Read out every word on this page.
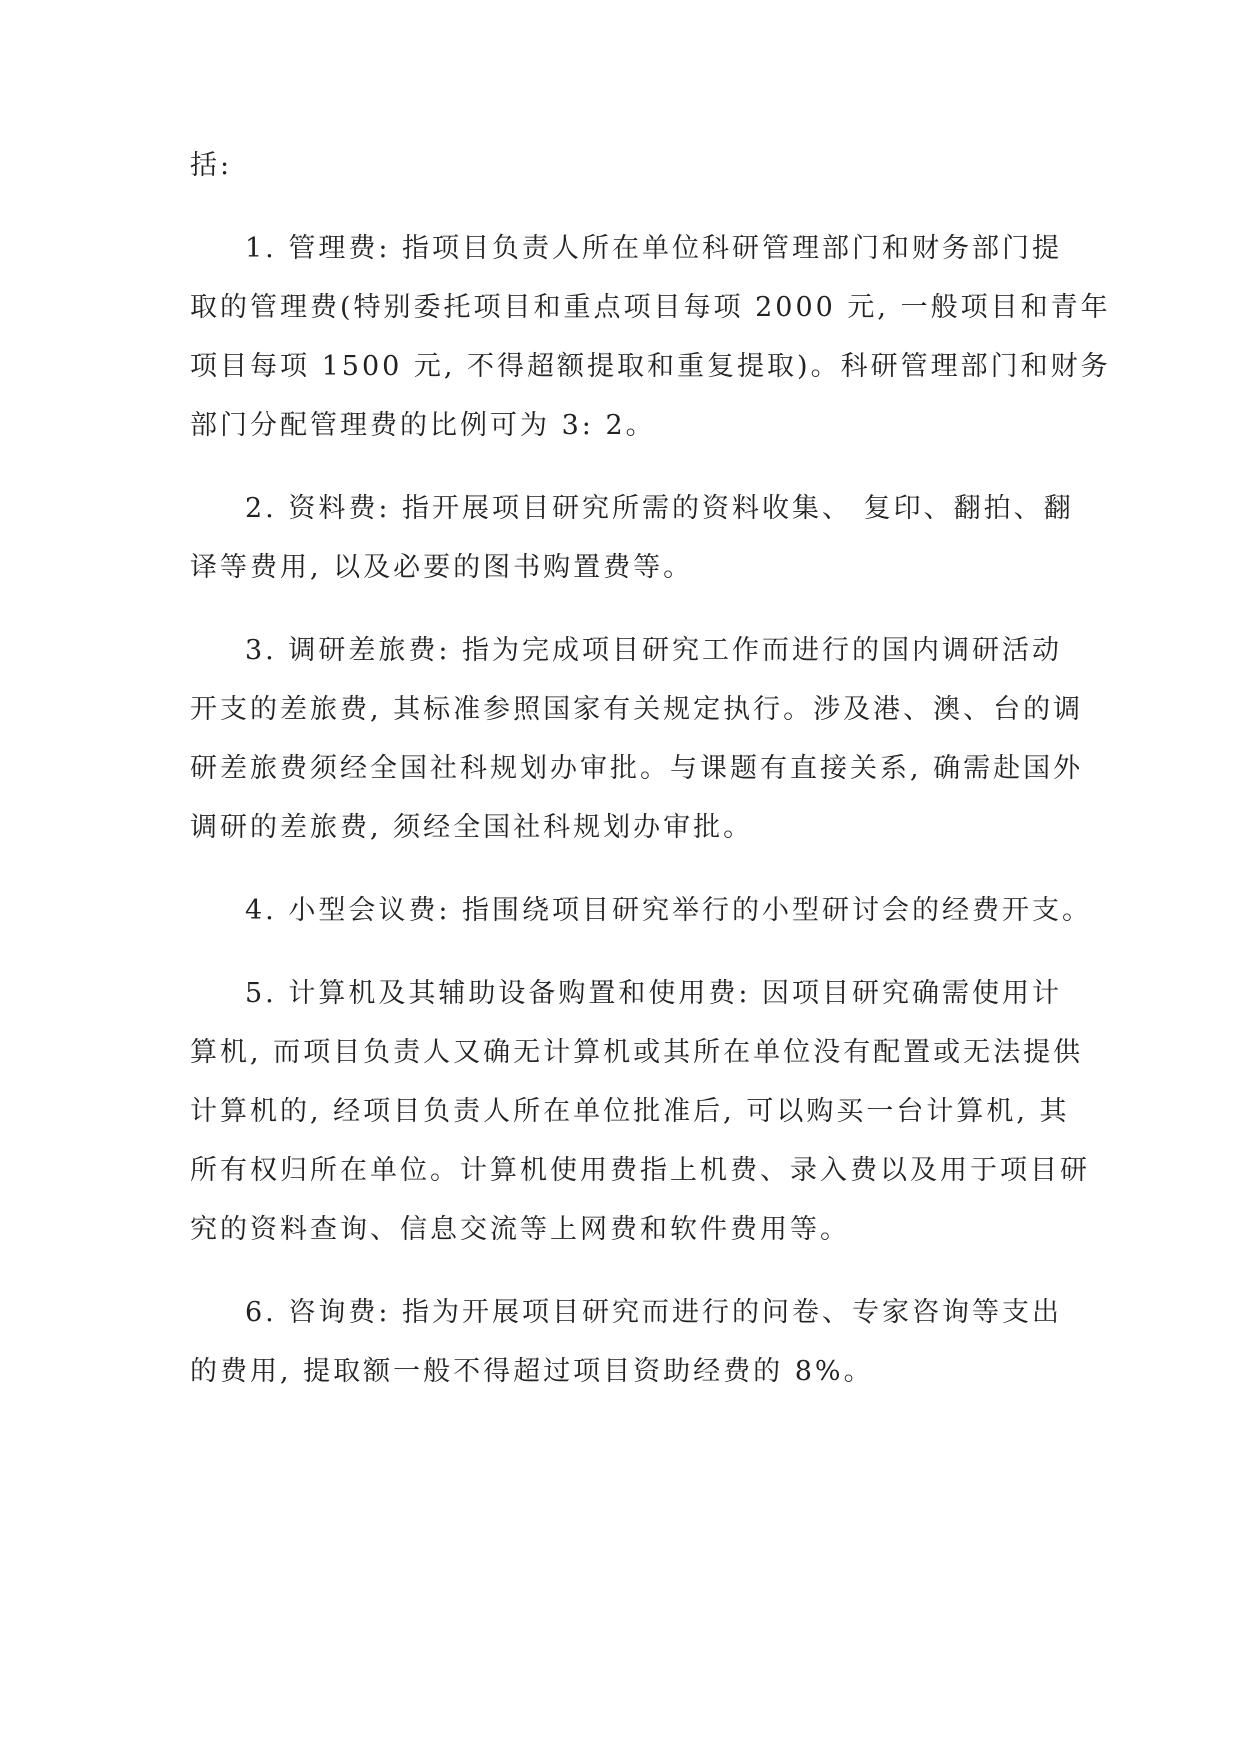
括:

1. 管理费: 指项目负责人所在单位科研管理部门和财务部门提

取的管理费(特别委托项目和重点项目每项 2000 元, 一般项目和青年

项目每项 1500 元, 不得超额提取和重复提取)。科研管理部门和财务

部门分配管理费的比例可为 3: 2。

2. 资料费: 指开展项目研究所需的资料收集、 复印、翻拍、翻

译等费用, 以及必要的图书购置费等。

3. 调研差旅费: 指为完成项目研究工作而进行的国内调研活动

开支的差旅费, 其标准参照国家有关规定执行。涉及港、澳、台的调

研差旅费须经全国社科规划办审批。与课题有直接关系, 确需赴国外

调研的差旅费, 须经全国社科规划办审批。

4. 小型会议费: 指围绕项目研究举行的小型研讨会的经费开支。

5. 计算机及其辅助设备购置和使用费: 因项目研究确需使用计

算机, 而项目负责人又确无计算机或其所在单位没有配置或无法提供

计算机的, 经项目负责人所在单位批准后, 可以购买一台计算机, 其

所有权归所在单位。计算机使用费指上机费、录入费以及用于项目研

究的资料查询、信息交流等上网费和软件费用等。

6. 咨询费: 指为开展项目研究而进行的问卷、专家咨询等支出

的费用, 提取额一般不得超过项目资助经费的 8%。
